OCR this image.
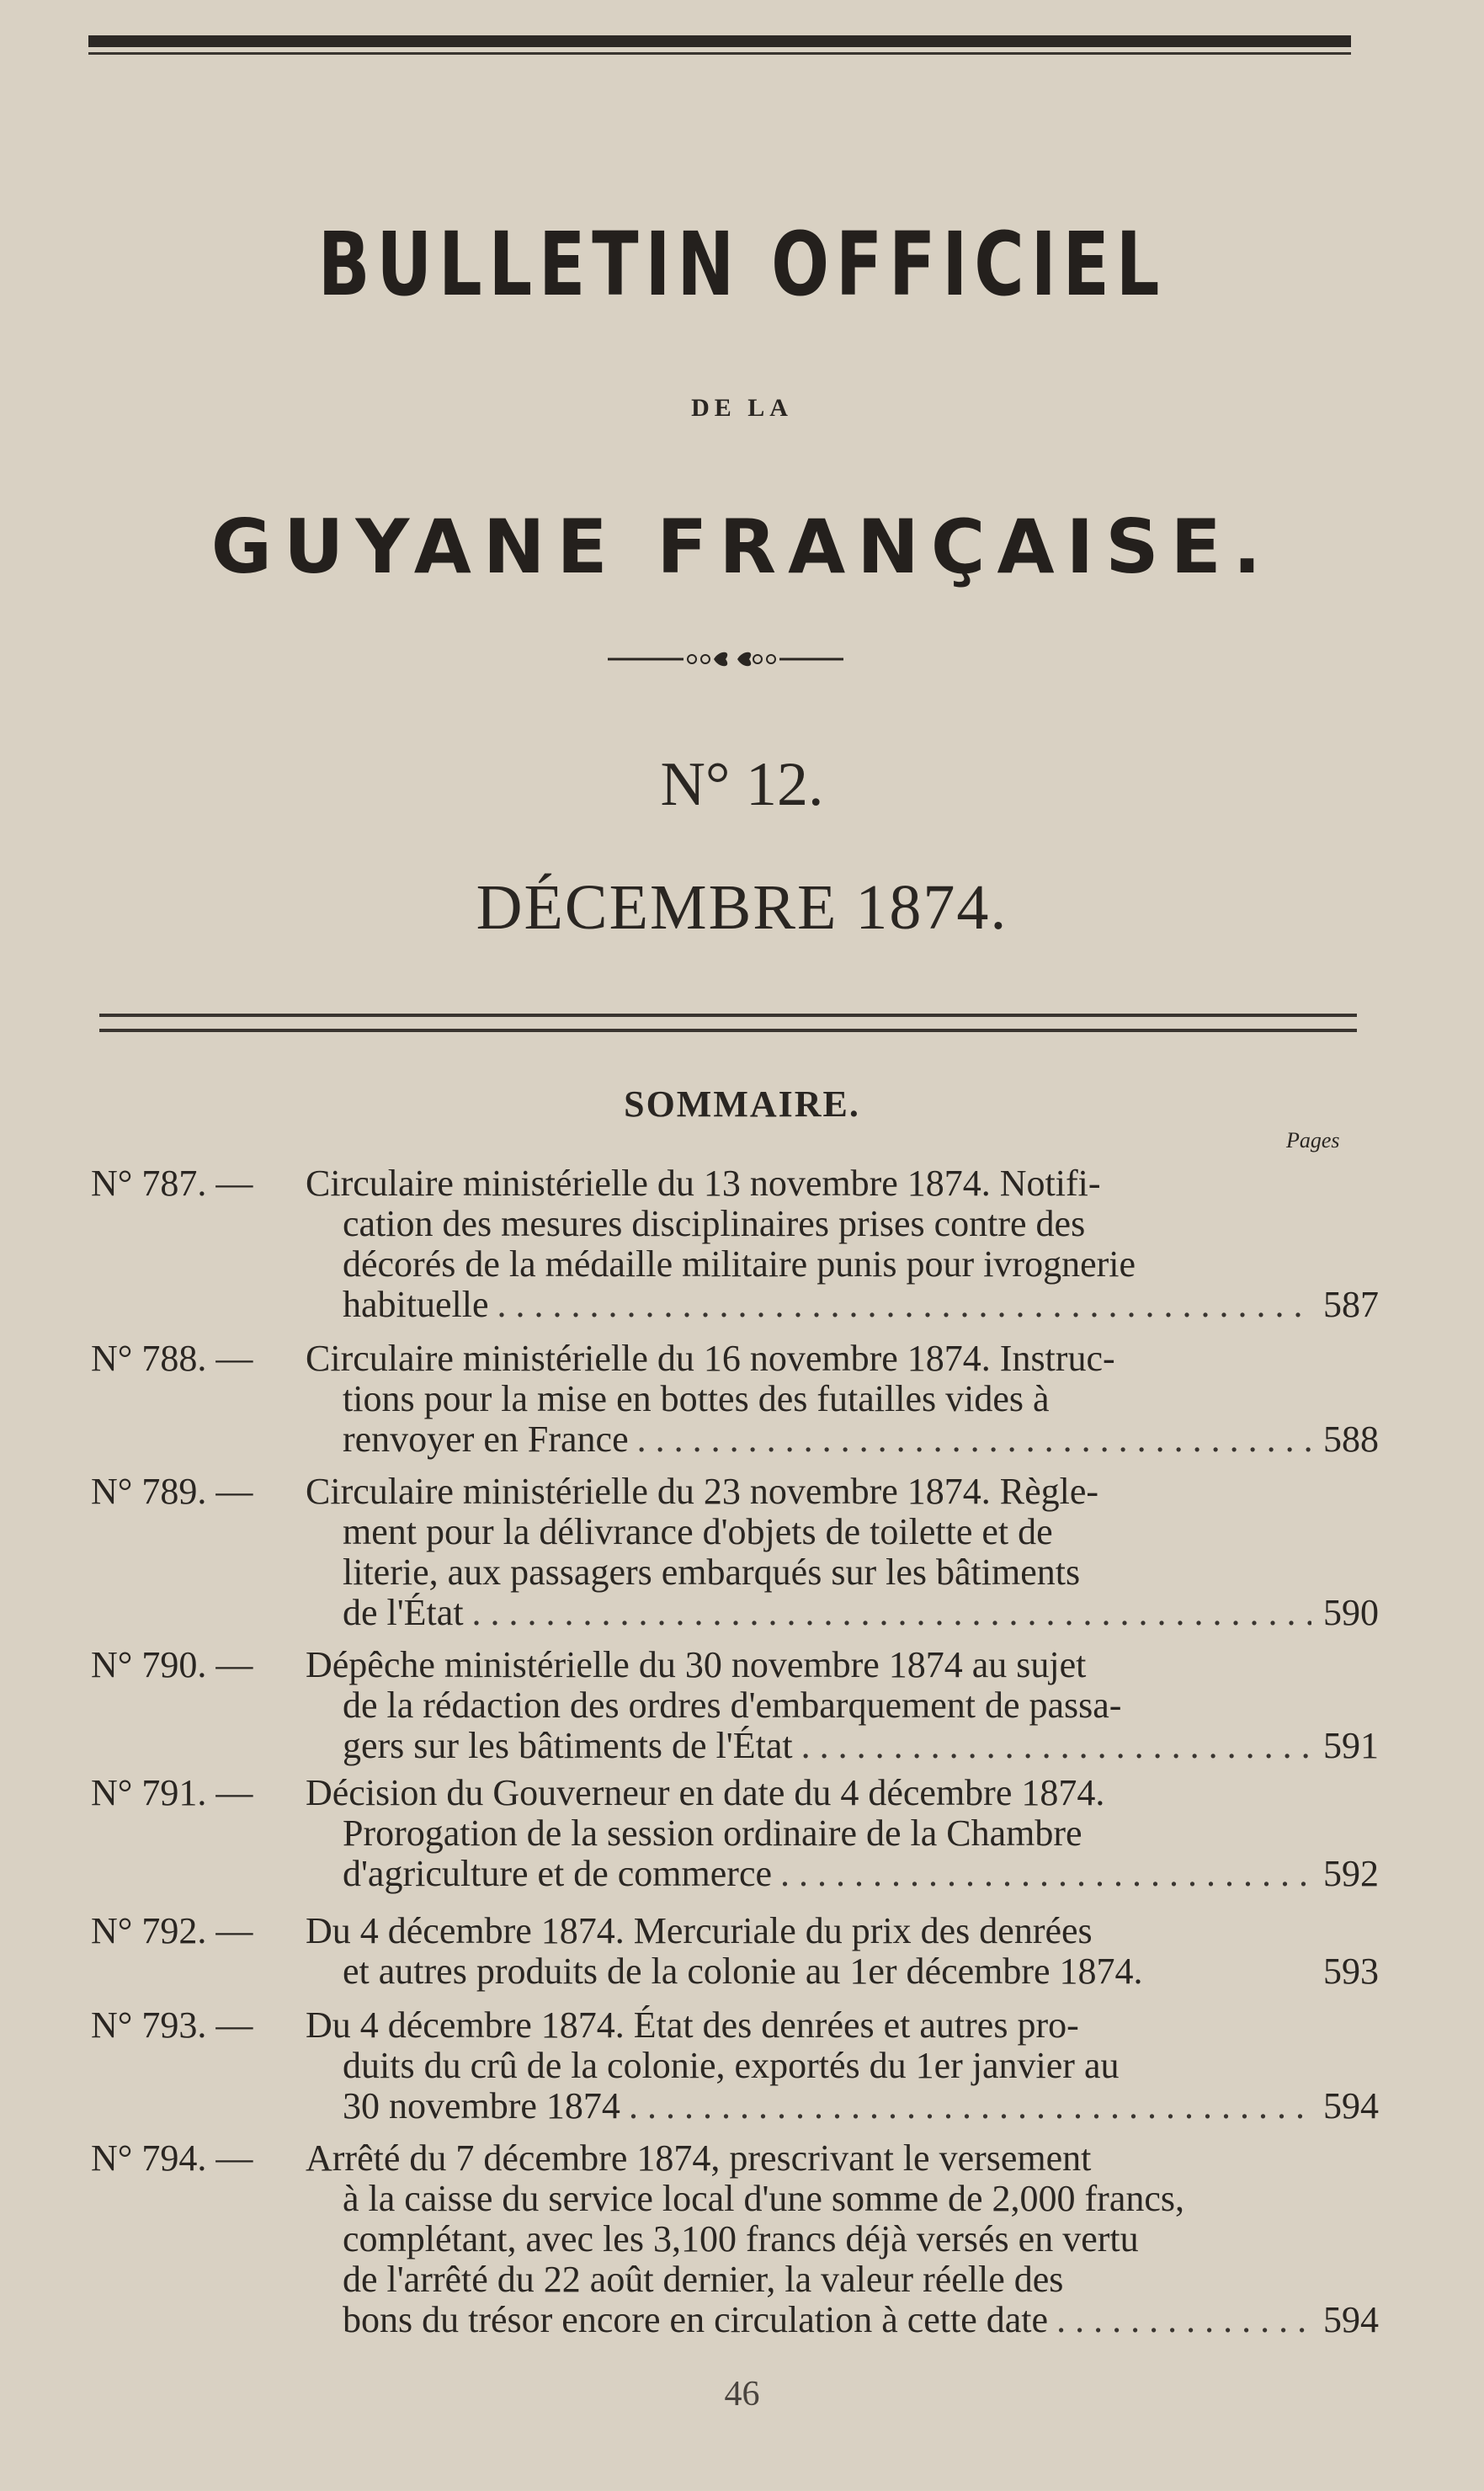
BULLETIN OFFICIEL
DE LA
GUYANE FRANÇAISE.
N° 12.
DÉCEMBRE 1874.
SOMMAIRE.
Pages
N° 787. —	Circulaire ministérielle du 13 novembre 1874. Notifi-
cation des mesures disciplinaires prises contre des
décorés de la médaille militaire punis pour ivrognerie
habituelle . . .	587
N° 788. —	Circulaire ministérielle du 16 novembre 1874. Instruc-
tions pour la mise en bottes des futailles vides à
renvoyer en France . . .	588
N° 789. —	Circulaire ministérielle du 23 novembre 1874. Règle-
ment pour la délivrance d'objets de toilette et de
literie, aux passagers embarqués sur les bâtiments
de l'État . . .	590
N° 790. —	Dépêche ministérielle du 30 novembre 1874 au sujet
de la rédaction des ordres d'embarquement de passa-
gers sur les bâtiments de l'État . . .	591
N° 791. —	Décision du Gouverneur en date du 4 décembre 1874.
Prorogation de la session ordinaire de la Chambre
d'agriculture et de commerce . . .	592
N° 792. —	Du 4 décembre 1874. Mercuriale du prix des denrées
et autres produits de la colonie au 1er décembre 1874.	593
N° 793. —	Du 4 décembre 1874. État des denrées et autres pro-
duits du crû de la colonie, exportés du 1er janvier au
30 novembre 1874 . . .	594
N° 794. —	Arrêté du 7 décembre 1874, prescrivant le versement
à la caisse du service local d'une somme de 2,000 francs,
complétant, avec les 3,100 francs déjà versés en vertu
de l'arrêté du 22 août dernier, la valeur réelle des
bons du trésor encore en circulation à cette date . . .	594
46
